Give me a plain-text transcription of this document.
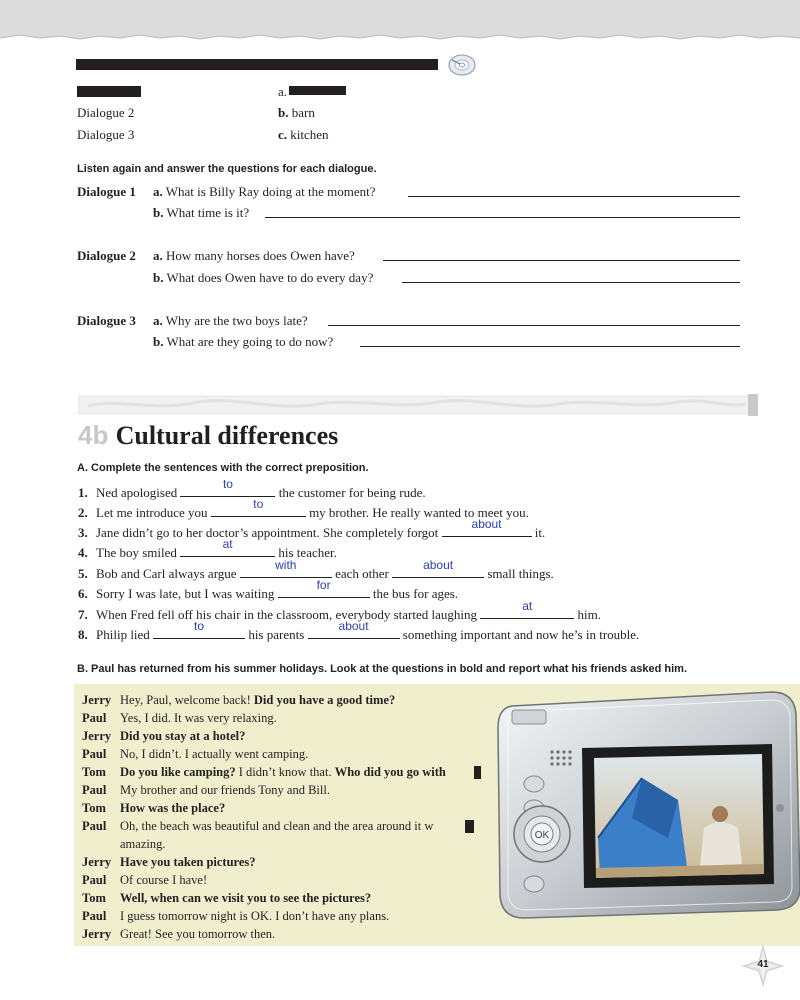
Dialogue 2
Dialogue 3
a.
b. barn
c. kitchen
Listen again and answer the questions for each dialogue.
Dialogue 1 a. What is Billy Ray doing at the moment?
b. What time is it?
Dialogue 2 a. How many horses does Owen have?
b. What does Owen have to do every day?
Dialogue 3 a. Why are the two boys late?
b. What are they going to do now?
4b Cultural differences
A. Complete the sentences with the correct preposition.
1. Ned apologised
to
the customer for being rude.
2. Let me introduce you
to
my brother. He really wanted to meet you.
3. Jane didn’t go to her doctor’s appointment. She completely forgot
about
it.
4. The boy smiled
at
his teacher.
5. Bob and Carl always argue
with
each other
about
small things.
6. Sorry I was late, but I was waiting
for
the bus for ages.
7. When Fred fell off his chair in the classroom, everybody started laughing
at
him.
8. Philip lied
to
his parents
about
something important and now he’s in trouble.
B. Paul has returned from his summer holidays. Look at the questions in bold and report what his friends asked him.
OK
Jerry Hey, Paul, welcome back! Did you have a good time?
Paul Yes, I did. It was very relaxing.
Jerry Did you stay at a hotel?
Paul No, I didn’t. I actually went camping.
Tom Do you like camping? I didn’t know that. Who did you go with
Paul My brother and our friends Tony and Bill.
Tom How was the place?
Paul Oh, the beach was beautiful and clean and the area around it w
amazing.
Jerry Have you taken pictures?
Paul Of course I have!
Tom Well, when can we visit you to see the pictures?
Paul I guess tomorrow night is OK. I don’t have any plans.
Jerry Great! See you tomorrow then.
41
